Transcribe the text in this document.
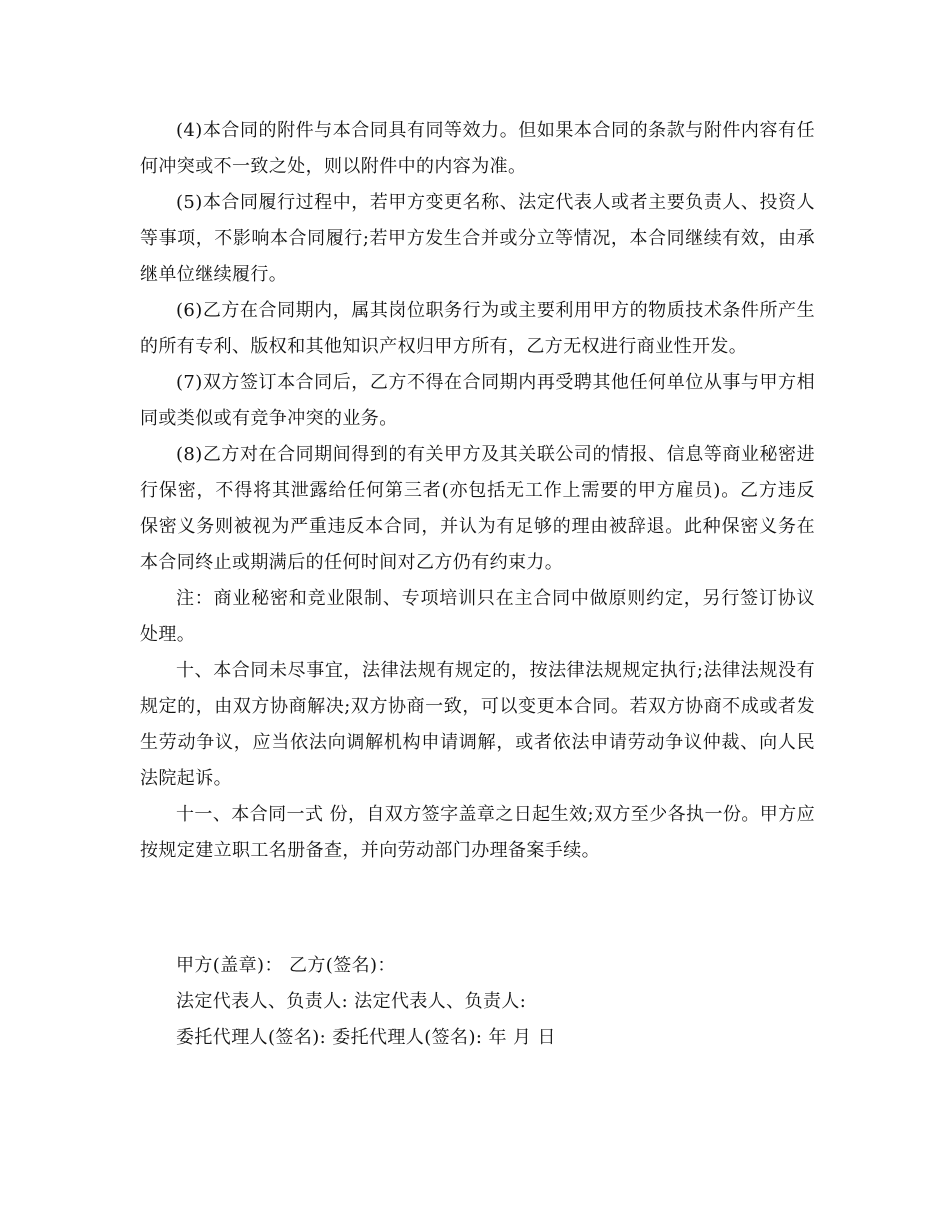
(4)本合同的附件与本合同具有同等效力。但如果本合同的条款与附件内容有任何冲突或不一致之处，则以附件中的内容为准。

(5)本合同履行过程中，若甲方变更名称、法定代表人或者主要负责人、投资人等事项，不影响本合同履行;若甲方发生合并或分立等情况，本合同继续有效，由承继单位继续履行。

(6)乙方在合同期内，属其岗位职务行为或主要利用甲方的物质技术条件所产生的所有专利、版权和其他知识产权归甲方所有，乙方无权进行商业性开发。

(7)双方签订本合同后，乙方不得在合同期内再受聘其他任何单位从事与甲方相同或类似或有竞争冲突的业务。

(8)乙方对在合同期间得到的有关甲方及其关联公司的情报、信息等商业秘密进行保密，不得将其泄露给任何第三者(亦包括无工作上需要的甲方雇员)。乙方违反保密义务则被视为严重违反本合同，并认为有足够的理由被辞退。此种保密义务在本合同终止或期满后的任何时间对乙方仍有约束力。

注：商业秘密和竞业限制、专项培训只在主合同中做原则约定，另行签订协议处理。

十、本合同未尽事宜，法律法规有规定的，按法律法规规定执行;法律法规没有规定的，由双方协商解决;双方协商一致，可以变更本合同。若双方协商不成或者发生劳动争议，应当依法向调解机构申请调解，或者依法申请劳动争议仲裁、向人民法院起诉。

十一、本合同一式 份，自双方签字盖章之日起生效;双方至少各执一份。甲方应按规定建立职工名册备查，并向劳动部门办理备案手续。

甲方(盖章)： 乙方(签名)：

法定代表人、负责人: 法定代表人、负责人:

委托代理人(签名): 委托代理人(签名): 年 月 日
